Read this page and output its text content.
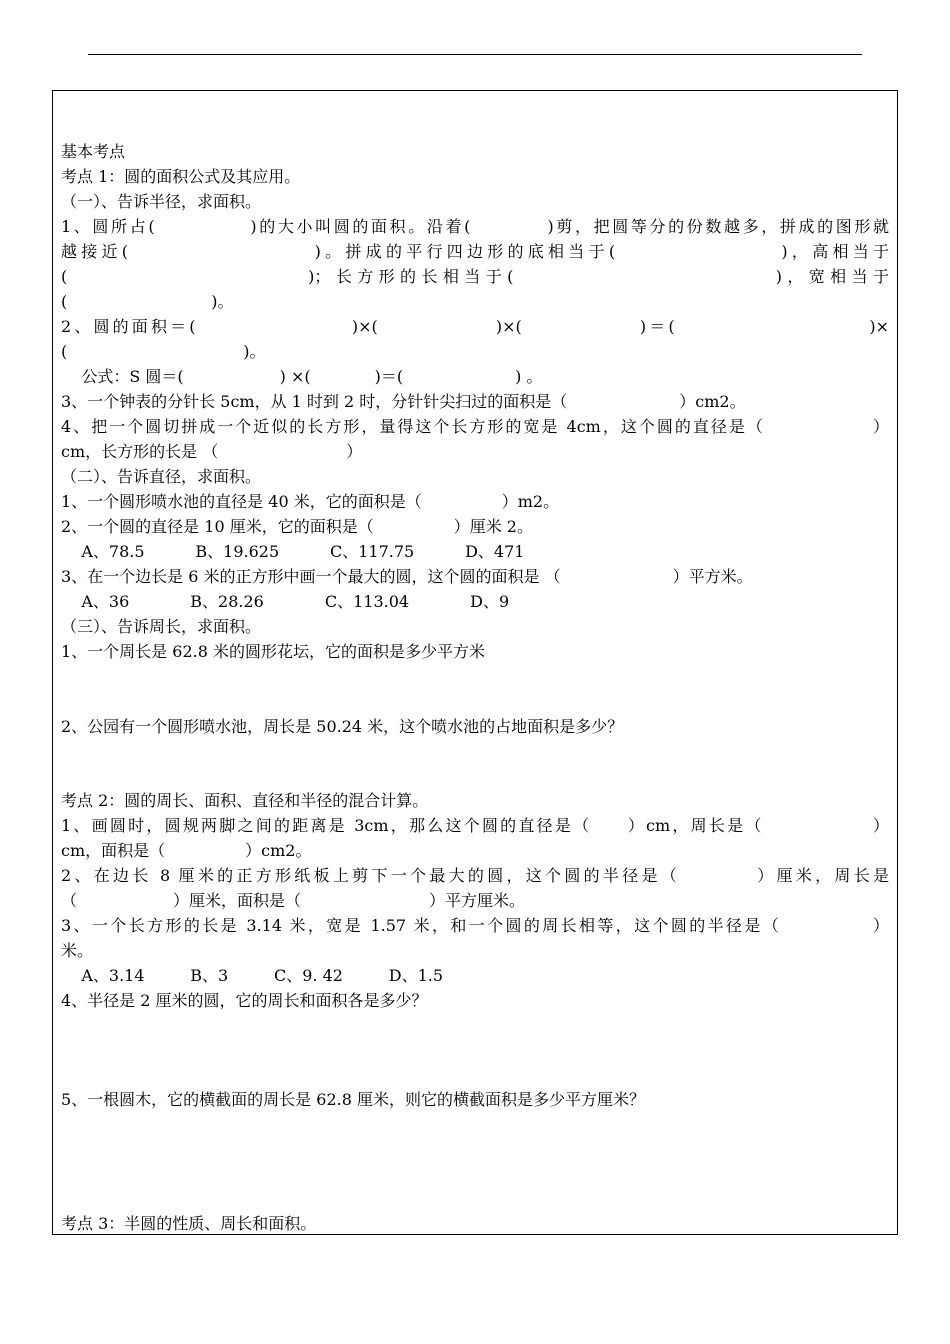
基本考点
考点 1：圆的面积公式及其应用。
（一）、告诉半径，求面积。
1、圆所占(　　　　　)的大小叫圆的面积。沿着(　　　　)剪，把圆等分的份数越多，拼成的图形就
越接近(　　　　　　　　　)。拼成的平行四边形的底相当于(　　　　　　　　)，高相当于
(　　　　　　　　　　　)；长方形的长相当于(　　　　　　　　　　　　)，宽相当于
(　　　　　　　　　)。
2、圆的面积＝(　　　　　　　　)×(　　　　　　)×(　　　　　　)＝(　　　　　　　　　　)×
(　　　　　　　　　　　)。
公式：S 圆＝(　　　　　　) ×(　　　　)＝(　　　　　　　) 。
3、一个钟表的分针长 5cm，从 1 时到 2 时，分针针尖扫过的面积是（　　　　　　　）cm2。
4、把一个圆切拼成一个近似的长方形，量得这个长方形的宽是 4cm，这个圆的直径是（　　　　　　）
cm，长方形的长是 （　　　　　　　　）
（二）、告诉直径，求面积。
1、一个圆形喷水池的直径是 40 米，它的面积是（　　　　　）m2。
2、一个圆的直径是 10 厘米，它的面积是（　　　　　）厘米 2。
A、78.5          B、19.625          C、117.75          D、471
3、在一个边长是 6 米的正方形中画一个最大的圆，这个圆的面积是 （　　　　　　　）平方米。
A、36            B、28.26            C、113.04            D、9
（三）、告诉周长，求面积。
1、一个周长是 62.8 米的圆形花坛，它的面积是多少平方米
2、公园有一个圆形喷水池，周长是 50.24 米，这个喷水池的占地面积是多少？
考点 2：圆的周长、面积、直径和半径的混合计算。
1、画圆时，圆规两脚之间的距离是 3cm，那么这个圆的直径是（　　）cm，周长是（　　　　　　）
cm，面积是（　　　　　）cm2。
2、在边长 8 厘米的正方形纸板上剪下一个最大的圆，这个圆的半径是（　　　　）厘米，周长是
（　　　　　　）厘米，面积是（　　　　　　　　）平方厘米。
3、一个长方形的长是 3.14 米，宽是 1.57 米，和一个圆的周长相等，这个圆的半径是（　　　　　）
米。
A、3.14         B、3         C、9. 42         D、1.5
4、半径是 2 厘米的圆，它的周长和面积各是多少？
5、一根圆木，它的横截面的周长是 62.8 厘米，则它的横截面积是多少平方厘米？
考点 3：半圆的性质、周长和面积。
